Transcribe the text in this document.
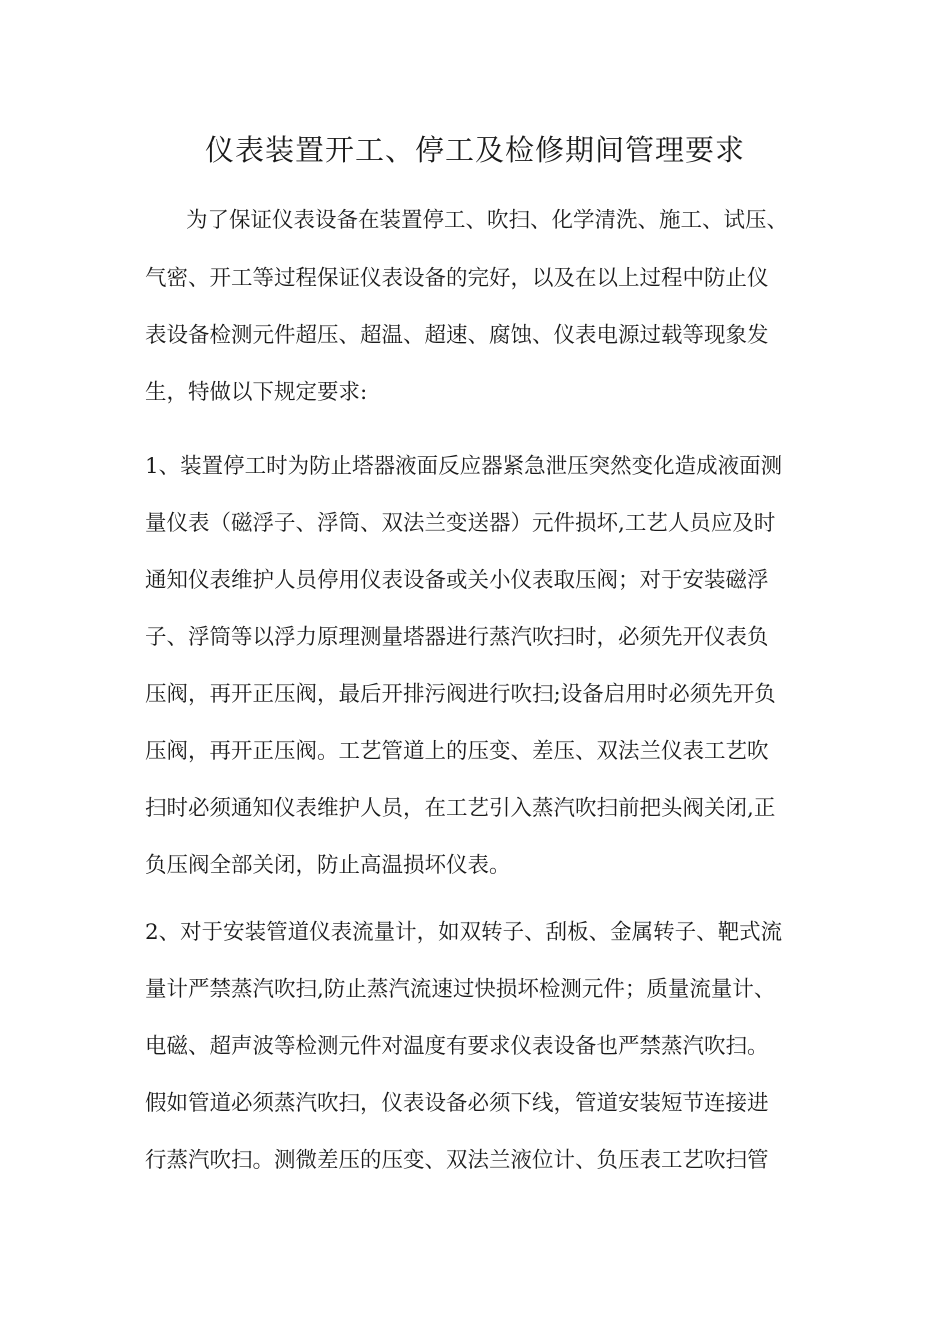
仪表装置开工、停工及检修期间管理要求
为了保证仪表设备在装置停工、吹扫、化学清洗、施工、试压、
气密、开工等过程保证仪表设备的完好，以及在以上过程中防止仪
表设备检测元件超压、超温、超速、腐蚀、仪表电源过载等现象发
生，特做以下规定要求:
1、装置停工时为防止塔器液面反应器紧急泄压突然变化造成液面测
量仪表（磁浮子、浮筒、双法兰变送器）元件损坏,工艺人员应及时
通知仪表维护人员停用仪表设备或关小仪表取压阀；对于安装磁浮
子、浮筒等以浮力原理测量塔器进行蒸汽吹扫时，必须先开仪表负
压阀，再开正压阀，最后开排污阀进行吹扫;设备启用时必须先开负
压阀，再开正压阀。工艺管道上的压变、差压、双法兰仪表工艺吹
扫时必须通知仪表维护人员，在工艺引入蒸汽吹扫前把头阀关闭,正
负压阀全部关闭，防止高温损坏仪表。
2、对于安装管道仪表流量计，如双转子、刮板、金属转子、靶式流
量计严禁蒸汽吹扫,防止蒸汽流速过快损坏检测元件；质量流量计、
电磁、超声波等检测元件对温度有要求仪表设备也严禁蒸汽吹扫。
假如管道必须蒸汽吹扫，仪表设备必须下线，管道安装短节连接进
行蒸汽吹扫。测微差压的压变、双法兰液位计、负压表工艺吹扫管
